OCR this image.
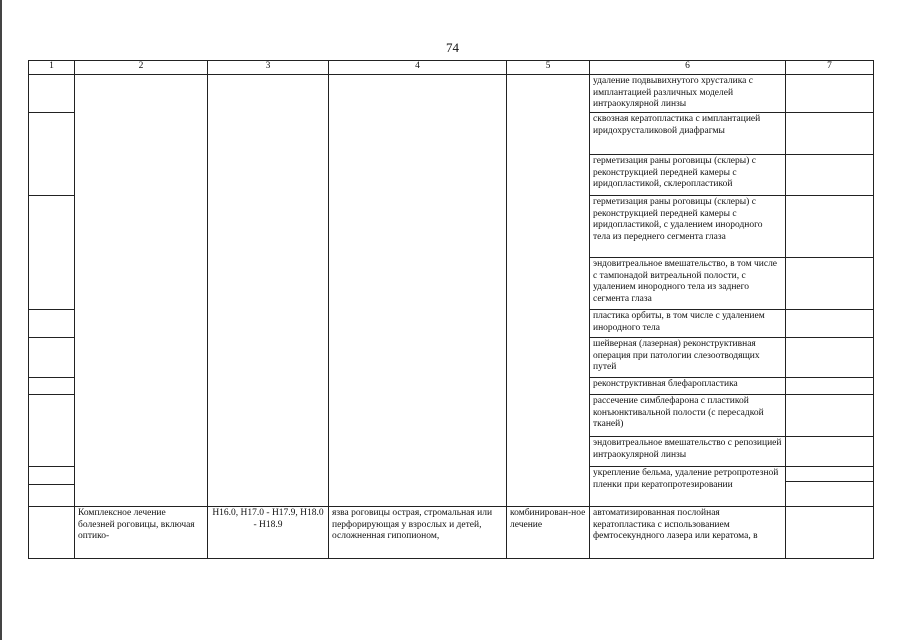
74
1	2	3	4	5	6	7
					удаление подвывихнутого хрусталика с имплантацией различных моделей интраокулярной линзы	
					сквозная кератопластика с имплантацией иридохрусталиковой диафрагмы	
					герметизация раны роговицы (склеры) с реконструкцией передней камеры с иридопластикой, склеропластикой	
					герметизация раны роговицы (склеры) с реконструкцией передней камеры с иридопластикой, с удалением инородного тела из переднего сегмента глаза	
					эндовитреальное вмешательство, в том числе с тампонадой витреальной полости, с удалением инородного тела из заднего сегмента глаза	
					пластика орбиты, в том числе с удалением инородного тела	

					шейверная (лазерная) реконструктивная операция при патологии слезоотводящих путей	
					реконструктивная блефаропластика	
					рассечение симблефарона с пластикой конъюнктивальной полости (с пересадкой тканей)	
					эндовитреальное вмешательство с репозицией интраокулярной линзы	

					укрепление бельма, удаление ретропротезной пленки при кератопротезировании	

	Комплексное лечение болезней роговицы, включая оптико-	H16.0, H17.0 - H17.9, H18.0 - H18.9	язва роговицы острая, стромальная или перфорирующая у взрослых и детей, осложненная гипопионом,	комбинирован-ное лечение	автоматизированная послойная кератопластика с использованием фемтосекундного лазера или кератома, в	
